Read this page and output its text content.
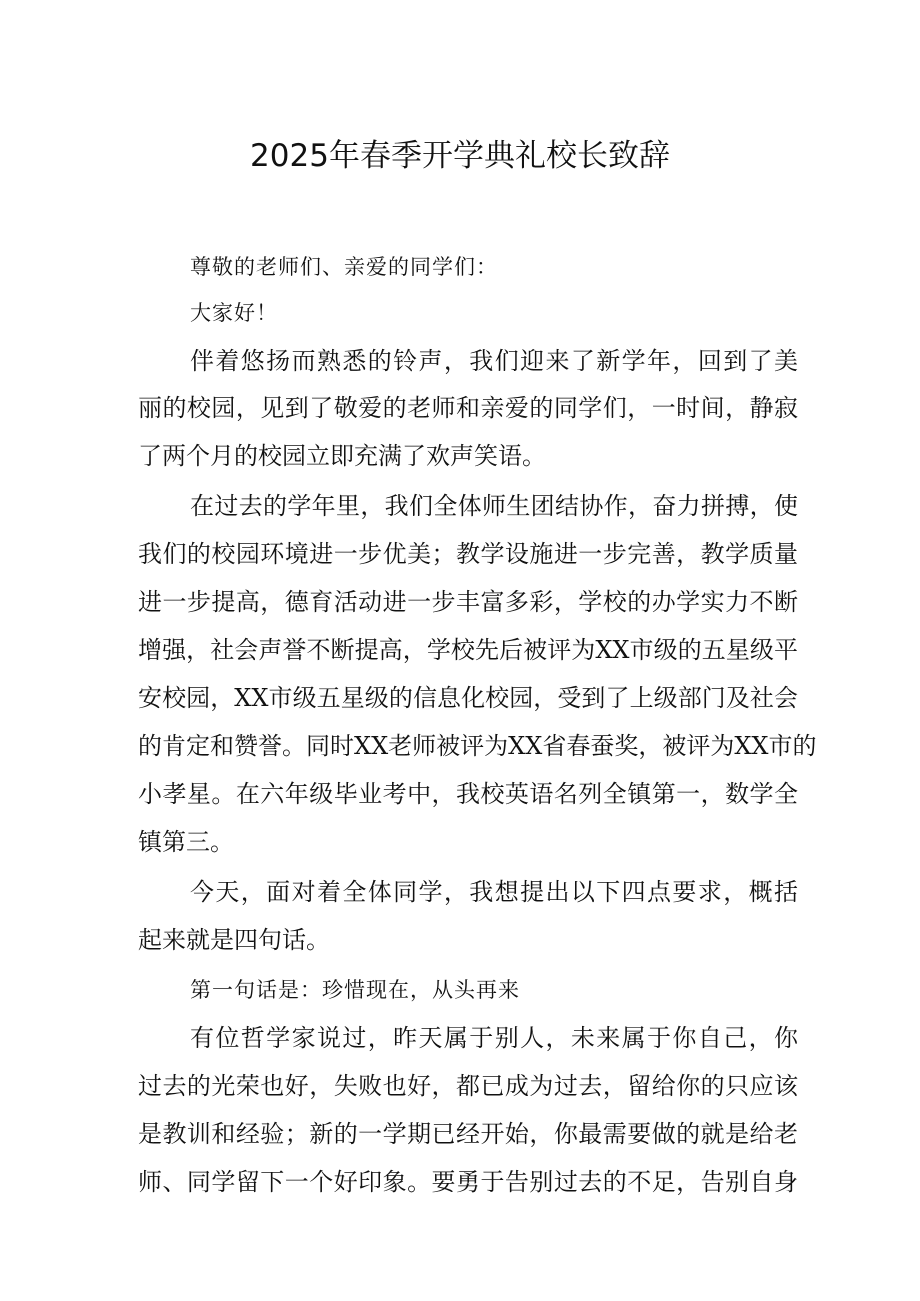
2025年春季开学典礼校长致辞
尊敬的老师们、亲爱的同学们：
大家好！
伴着悠扬而熟悉的铃声，我们迎来了新学年，回到了美
丽的校园，见到了敬爱的老师和亲爱的同学们，一时间，静寂
了两个月的校园立即充满了欢声笑语。
在过去的学年里，我们全体师生团结协作，奋力拼搏，使
我们的校园环境进一步优美；教学设施进一步完善，教学质量
进一步提高，德育活动进一步丰富多彩，学校的办学实力不断
增强，社会声誉不断提高，学校先后被评为XX市级的五星级平
安校园，XX市级五星级的信息化校园，受到了上级部门及社会
的肯定和赞誉。同时XX老师被评为XX省春蚕奖，被评为XX市的
小孝星。在六年级毕业考中，我校英语名列全镇第一，数学全
镇第三。
今天，面对着全体同学，我想提出以下四点要求，概括
起来就是四句话。
第一句话是：珍惜现在，从头再来
有位哲学家说过，昨天属于别人，未来属于你自己，你
过去的光荣也好，失败也好，都已成为过去，留给你的只应该
是教训和经验；新的一学期已经开始，你最需要做的就是给老
师、同学留下一个好印象。要勇于告别过去的不足，告别自身
